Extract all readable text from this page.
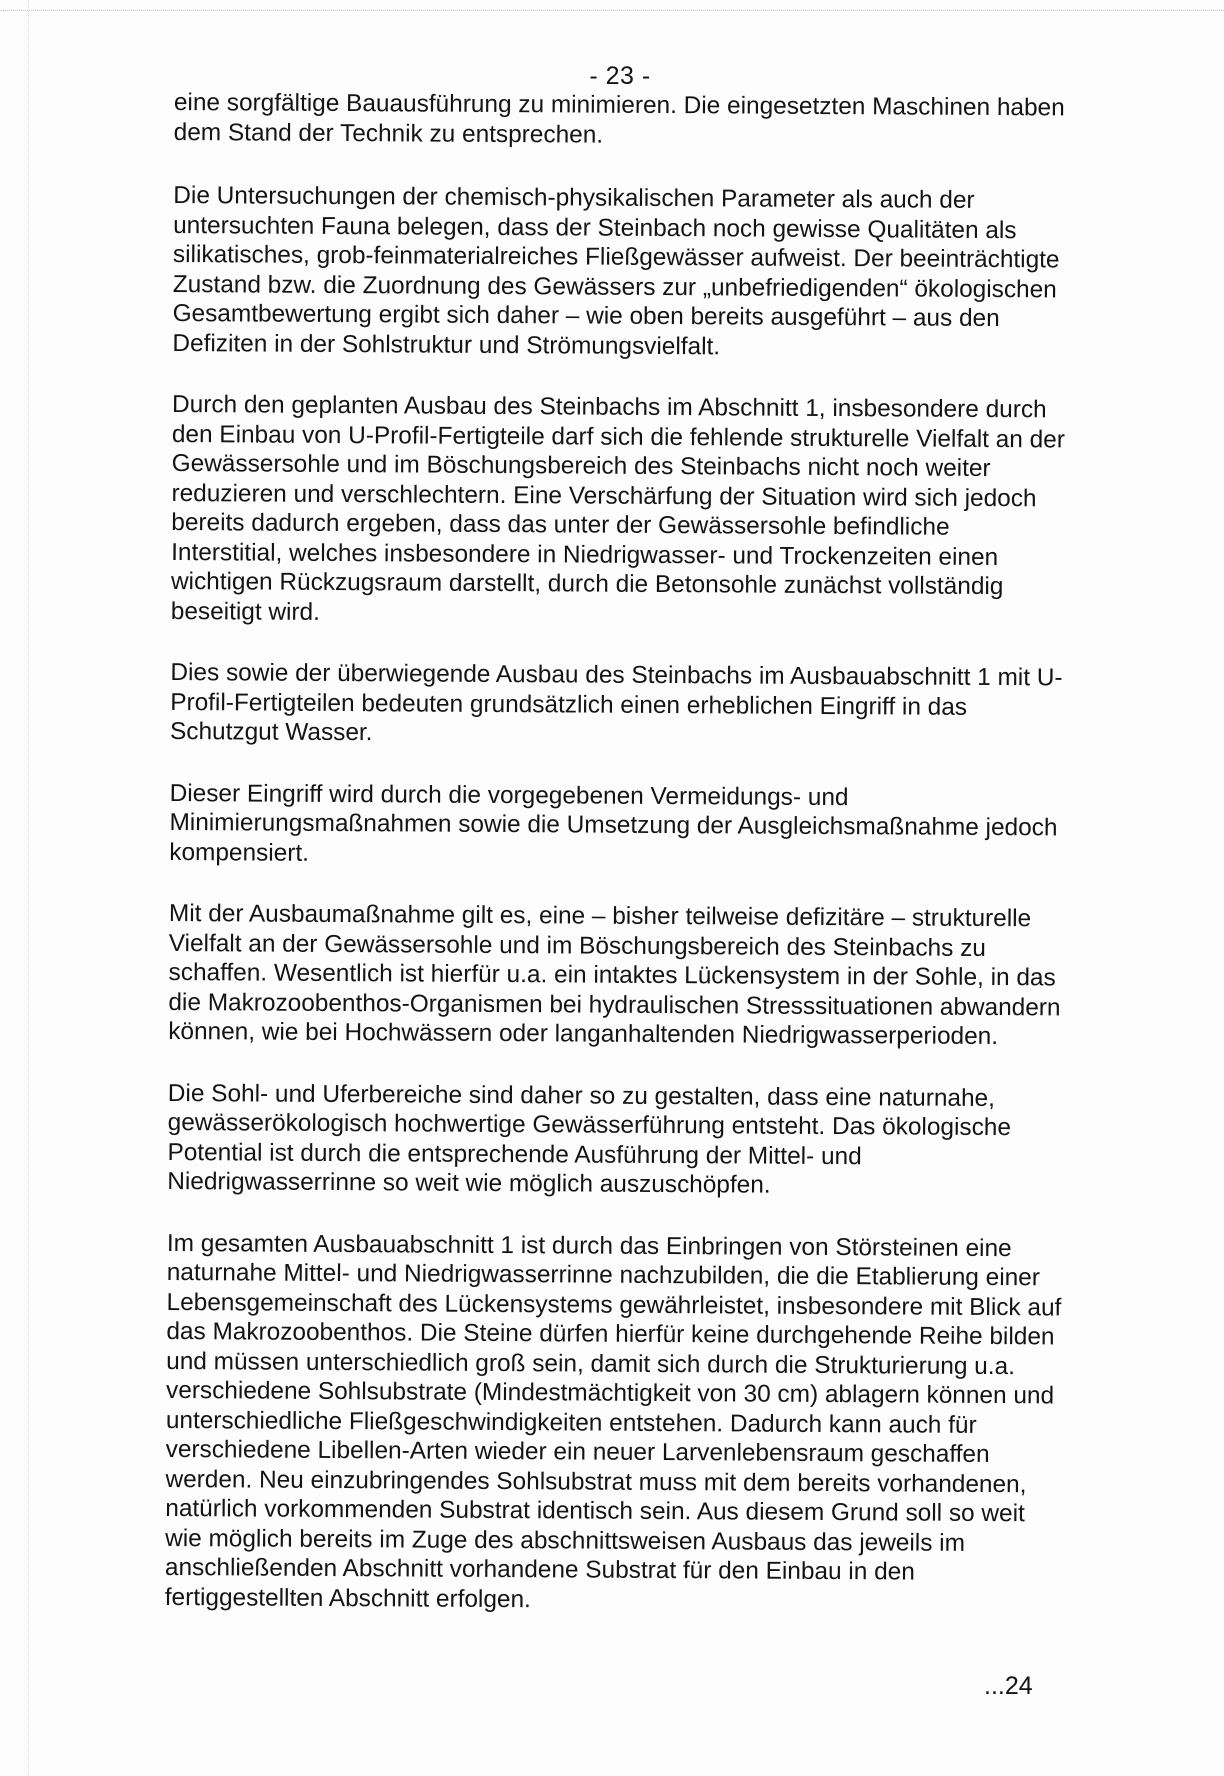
- 23 -

eine sorgfältige Bauausführung zu minimieren. Die eingesetzten Maschinen haben dem Stand der Technik zu entsprechen.

Die Untersuchungen der chemisch-physikalischen Parameter als auch der untersuchten Fauna belegen, dass der Steinbach noch gewisse Qualitäten als silikatisches, grob-feinmaterialreiches Fließgewässer aufweist. Der beeinträchtigte Zustand bzw. die Zuordnung des Gewässers zur „unbefriedigenden“ ökologischen Gesamtbewertung ergibt sich daher – wie oben bereits ausgeführt – aus den Defiziten in der Sohlstruktur und Strömungsvielfalt.

Durch den geplanten Ausbau des Steinbachs im Abschnitt 1, insbesondere durch den Einbau von U-Profil-Fertigteile darf sich die fehlende strukturelle Vielfalt an der Gewässersohle und im Böschungsbereich des Steinbachs nicht noch weiter reduzieren und verschlechtern. Eine Verschärfung der Situation wird sich jedoch bereits dadurch ergeben, dass das unter der Gewässersohle befindliche Interstitial, welches insbesondere in Niedrigwasser- und Trockenzeiten einen wichtigen Rückzugsraum darstellt, durch die Betonsohle zunächst vollständig beseitigt wird.

Dies sowie der überwiegende Ausbau des Steinbachs im Ausbauabschnitt 1 mit U-Profil-Fertigteilen bedeuten grundsätzlich einen erheblichen Eingriff in das Schutzgut Wasser.

Dieser Eingriff wird durch die vorgegebenen Vermeidungs- und Minimierungsmaßnahmen sowie die Umsetzung der Ausgleichsmaßnahme jedoch kompensiert.

Mit der Ausbaumaßnahme gilt es, eine – bisher teilweise defizitäre – strukturelle Vielfalt an der Gewässersohle und im Böschungsbereich des Steinbachs zu schaffen. Wesentlich ist hierfür u.a. ein intaktes Lückensystem in der Sohle, in das die Makrozoobenthos-Organismen bei hydraulischen Stresssituationen abwandern können, wie bei Hochwässern oder langanhaltenden Niedrigwasserperioden.

Die Sohl- und Uferbereiche sind daher so zu gestalten, dass eine naturnahe, gewässerökologisch hochwertige Gewässerführung entsteht. Das ökologische Potential ist durch die entsprechende Ausführung der Mittel- und Niedrigwasserrinne so weit wie möglich auszuschöpfen.

Im gesamten Ausbauabschnitt 1 ist durch das Einbringen von Störsteinen eine naturnahe Mittel- und Niedrigwasserrinne nachzubilden, die die Etablierung einer Lebensgemeinschaft des Lückensystems gewährleistet, insbesondere mit Blick auf das Makrozoobenthos. Die Steine dürfen hierfür keine durchgehende Reihe bilden und müssen unterschiedlich groß sein, damit sich durch die Strukturierung u.a. verschiedene Sohlsubstrate (Mindestmächtigkeit von 30 cm) ablagern können und unterschiedliche Fließgeschwindigkeiten entstehen. Dadurch kann auch für verschiedene Libellen-Arten wieder ein neuer Larvenlebensraum geschaffen werden. Neu einzubringendes Sohlsubstrat muss mit dem bereits vorhandenen, natürlich vorkommenden Substrat identisch sein. Aus diesem Grund soll so weit wie möglich bereits im Zuge des abschnittsweisen Ausbaus das jeweils im anschließenden Abschnitt vorhandene Substrat für den Einbau in den fertiggestellten Abschnitt erfolgen.

...24
